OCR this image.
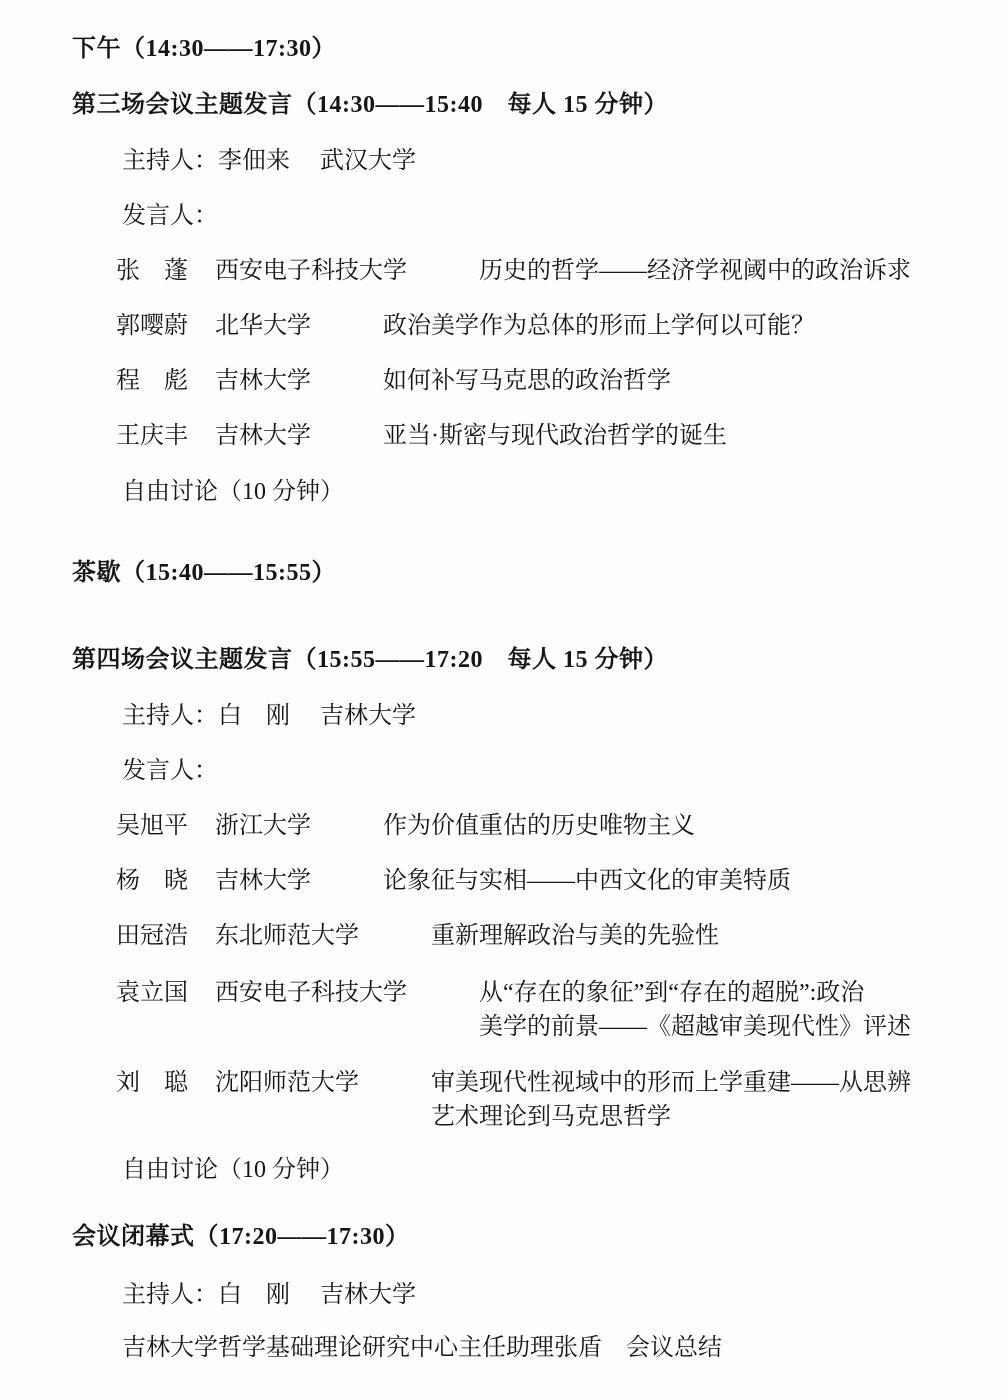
下午（14:30——17:30）
第三场会议主题发言（14:30——15:40　每人 15 分钟）
主持人：李佃来 武汉大学
发言人：
张　蓬	西安电子科技大学	历史的哲学——经济学视阈中的政治诉求
郭嘤蔚	北华大学	政治美学作为总体的形而上学何以可能？
程　彪	吉林大学	如何补写马克思的政治哲学
王庆丰	吉林大学	亚当·斯密与现代政治哲学的诞生
自由讨论（10 分钟）
茶歇（15:40——15:55）
第四场会议主题发言（15:55——17:20　每人 15 分钟）
主持人：白　刚 吉林大学
发言人：
吴旭平	浙江大学	作为价值重估的历史唯物主义
杨　晓	吉林大学	论象征与实相——中西文化的审美特质
田冠浩	东北师范大学	重新理解政治与美的先验性
袁立国	西安电子科技大学	从“存在的象征”到“存在的超脱”:政治
美学的前景——《超越审美现代性》评述
刘　聪	沈阳师范大学	审美现代性视域中的形而上学重建——从思辨
艺术理论到马克思哲学
自由讨论（10 分钟）
会议闭幕式（17:20——17:30）
主持人：白　刚 吉林大学
吉林大学哲学基础理论研究中心主任助理张盾　会议总结
